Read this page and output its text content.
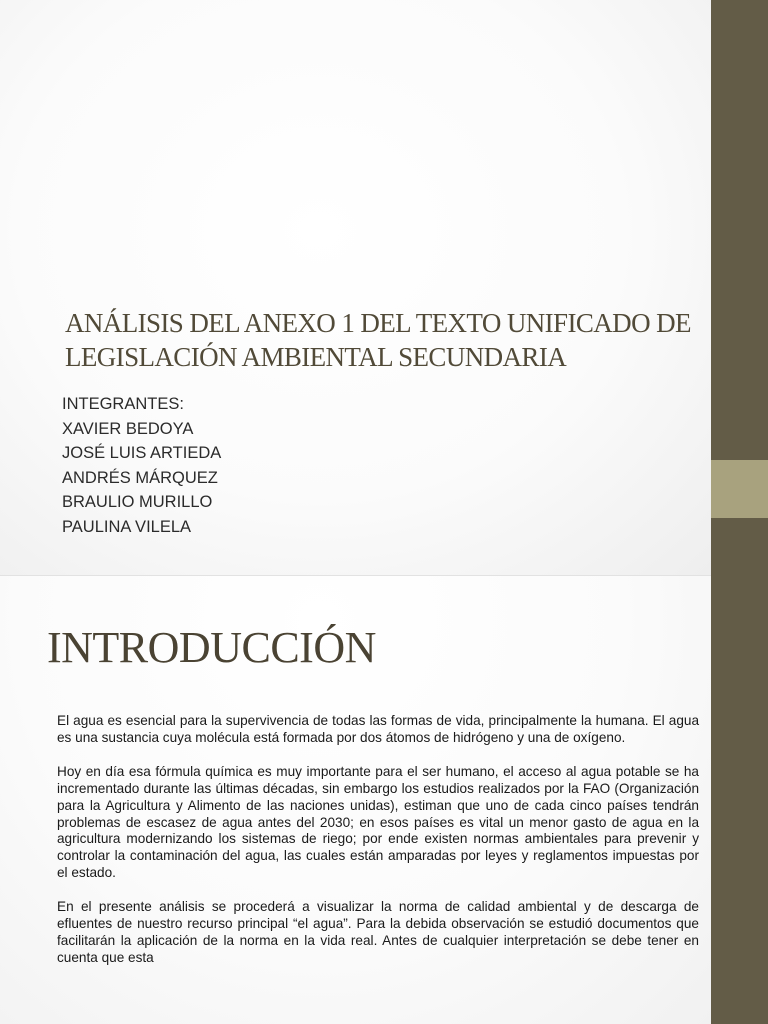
ANÁLISIS DEL ANEXO 1 DEL TEXTO UNIFICADO DE LEGISLACIÓN AMBIENTAL SECUNDARIA
INTEGRANTES:
XAVIER BEDOYA
JOSÉ LUIS ARTIEDA
ANDRÉS MÁRQUEZ
BRAULIO MURILLO
PAULINA VILELA
INTRODUCCIÓN

El agua es esencial para la supervivencia de todas las formas de vida, principalmente la humana. El agua es una sustancia cuya molécula está formada por dos átomos de hidrógeno y una de oxígeno.

Hoy en día esa fórmula química es muy importante para el ser humano, el acceso al agua potable se ha incrementado durante las últimas décadas, sin embargo los estudios realizados por la FAO (Organización para la Agricultura y Alimento de las naciones unidas), estiman que uno de cada cinco países tendrán problemas de escasez de agua antes del 2030; en esos países es vital un menor gasto de agua en la agricultura modernizando los sistemas de riego; por ende existen normas ambientales para prevenir y controlar la contaminación del agua, las cuales están amparadas por leyes y reglamentos impuestas por el estado.

En el presente análisis se procederá a visualizar la norma de calidad ambiental y de descarga de efluentes de nuestro recurso principal “el agua”. Para la debida observación se estudió documentos que facilitarán la aplicación de la norma en la vida real. Antes de cualquier interpretación se debe tener en cuenta que esta
